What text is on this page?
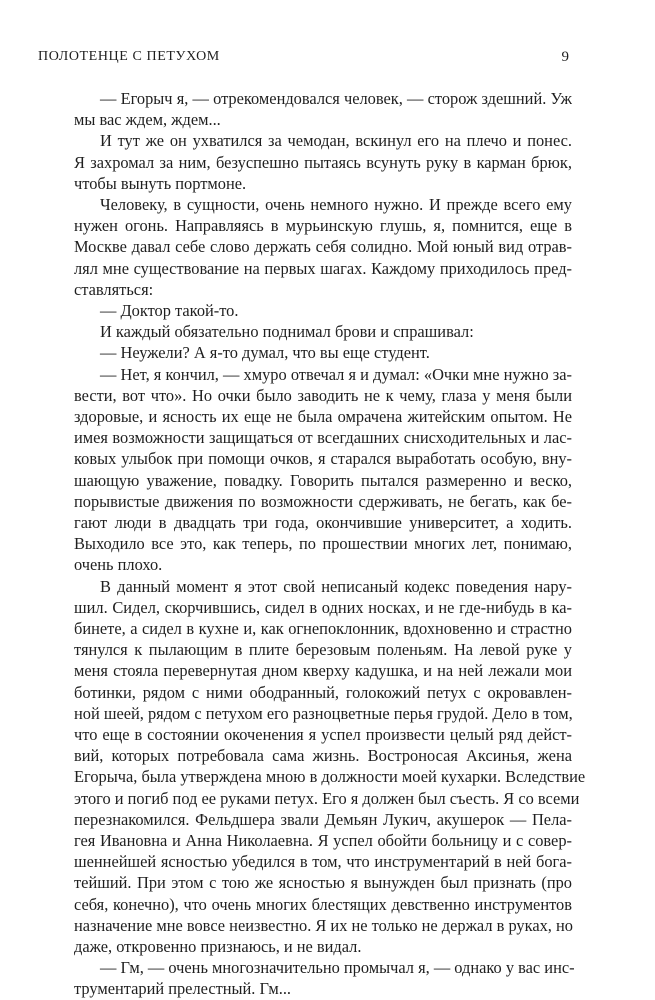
ПОЛОТЕНЦЕ С ПЕТУХОМ	9
— Егорыч я, — отрекомендовался человек, — сторож здешний. Уж
мы вас ждем, ждем...
И тут же он ухватился за чемодан, вскинул его на плечо и понес.
Я захромал за ним, безуспешно пытаясь всунуть руку в карман брюк,
чтобы вынуть портмоне.
Человеку, в сущности, очень немного нужно. И прежде всего ему
нужен огонь. Направляясь в мурьинскую глушь, я, помнится, еще в
Москве давал себе слово держать себя солидно. Мой юный вид отрав-
лял мне существование на первых шагах. Каждому приходилось пред-
ставляться:
— Доктор такой-то.
И каждый обязательно поднимал брови и спрашивал:
— Неужели? А я-то думал, что вы еще студент.
— Нет, я кончил, — хмуро отвечал я и думал: «Очки мне нужно за-
вести, вот что». Но очки было заводить не к чему, глаза у меня были
здоровые, и ясность их еще не была омрачена житейским опытом. Не
имея возможности защищаться от всегдашних снисходительных и лас-
ковых улыбок при помощи очков, я старался выработать особую, вну-
шающую уважение, повадку. Говорить пытался размеренно и веско,
порывистые движения по возможности сдерживать, не бегать, как бе-
гают люди в двадцать три года, окончившие университет, а ходить.
Выходило все это, как теперь, по прошествии многих лет, понимаю,
очень плохо.
В данный момент я этот свой неписаный кодекс поведения нару-
шил. Сидел, скорчившись, сидел в одних носках, и не где-нибудь в ка-
бинете, а сидел в кухне и, как огнепоклонник, вдохновенно и страстно
тянулся к пылающим в плите березовым поленьям. На левой руке у
меня стояла перевернутая дном кверху кадушка, и на ней лежали мои
ботинки, рядом с ними ободранный, голокожий петух с окровавлен-
ной шеей, рядом с петухом его разноцветные перья грудой. Дело в том,
что еще в состоянии окоченения я успел произвести целый ряд дейст-
вий, которых потребовала сама жизнь. Востроносая Аксинья, жена
Егорыча, была утверждена мною в должности моей кухарки. Вследствие
этого и погиб под ее руками петух. Его я должен был съесть. Я со всеми
перезнакомился. Фельдшера звали Демьян Лукич, акушерок — Пела-
гея Ивановна и Анна Николаевна. Я успел обойти больницу и с совер-
шеннейшей ясностью убедился в том, что инструментарий в ней бога-
тейший. При этом с тою же ясностью я вынужден был признать (про
себя, конечно), что очень многих блестящих девственно инструментов
назначение мне вовсе неизвестно. Я их не только не держал в руках, но
даже, откровенно признаюсь, и не видал.
— Гм, — очень многозначительно промычал я, — однако у вас инс-
трументарий прелестный. Гм...
